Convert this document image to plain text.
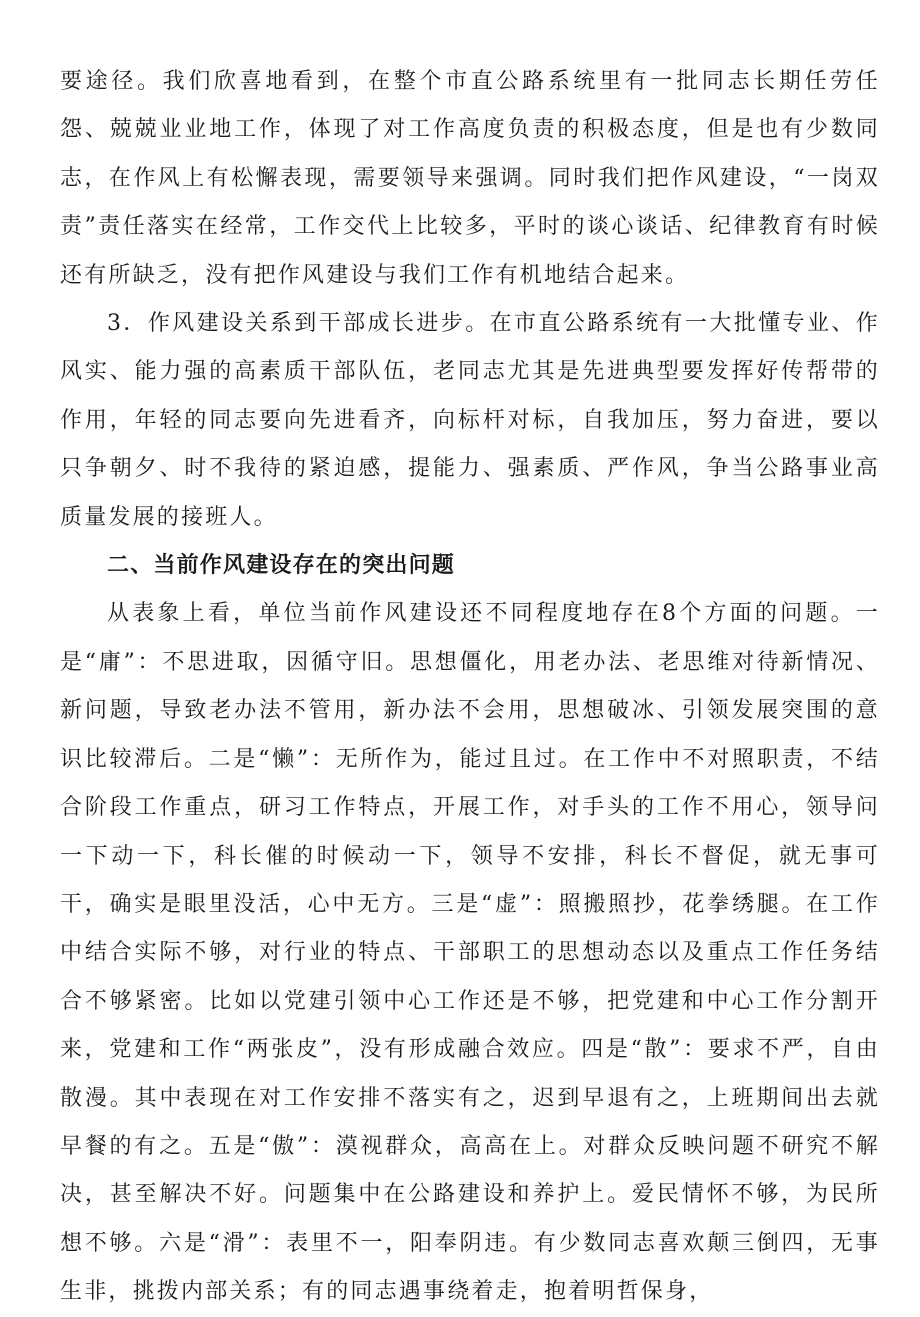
要途径。我们欣喜地看到，在整个市直公路系统里有一批同志长期任劳任怨、兢兢业业地工作，体现了对工作高度负责的积极态度，但是也有少数同志，在作风上有松懈表现，需要领导来强调。同时我们把作风建设，“一岗双责”责任落实在经常，工作交代上比较多，平时的谈心谈话、纪律教育有时候还有所缺乏，没有把作风建设与我们工作有机地结合起来。

3．作风建设关系到干部成长进步。在市直公路系统有一大批懂专业、作风实、能力强的高素质干部队伍，老同志尤其是先进典型要发挥好传帮带的作用，年轻的同志要向先进看齐，向标杆对标，自我加压，努力奋进，要以只争朝夕、时不我待的紧迫感，提能力、强素质、严作风，争当公路事业高质量发展的接班人。

二、当前作风建设存在的突出问题

从表象上看，单位当前作风建设还不同程度地存在8个方面的问题。一是“庸”：不思进取，因循守旧。思想僵化，用老办法、老思维对待新情况、新问题，导致老办法不管用，新办法不会用，思想破冰、引领发展突围的意识比较滞后。二是“懒”：无所作为，能过且过。在工作中不对照职责，不结合阶段工作重点，研习工作特点，开展工作，对手头的工作不用心，领导问一下动一下，科长催的时候动一下，领导不安排，科长不督促，就无事可干，确实是眼里没活，心中无方。三是“虚”：照搬照抄，花拳绣腿。在工作中结合实际不够，对行业的特点、干部职工的思想动态以及重点工作任务结合不够紧密。比如以党建引领中心工作还是不够，把党建和中心工作分割开来，党建和工作“两张皮”，没有形成融合效应。四是“散”：要求不严，自由散漫。其中表现在对工作安排不落实有之，迟到早退有之，上班期间出去就早餐的有之。五是“傲”：漠视群众，高高在上。对群众反映问题不研究不解决，甚至解决不好。问题集中在公路建设和养护上。爱民情怀不够，为民所想不够。六是“滑”：表里不一，阳奉阴违。有少数同志喜欢颠三倒四，无事生非，挑拨内部关系；有的同志遇事绕着走，抱着明哲保身，
